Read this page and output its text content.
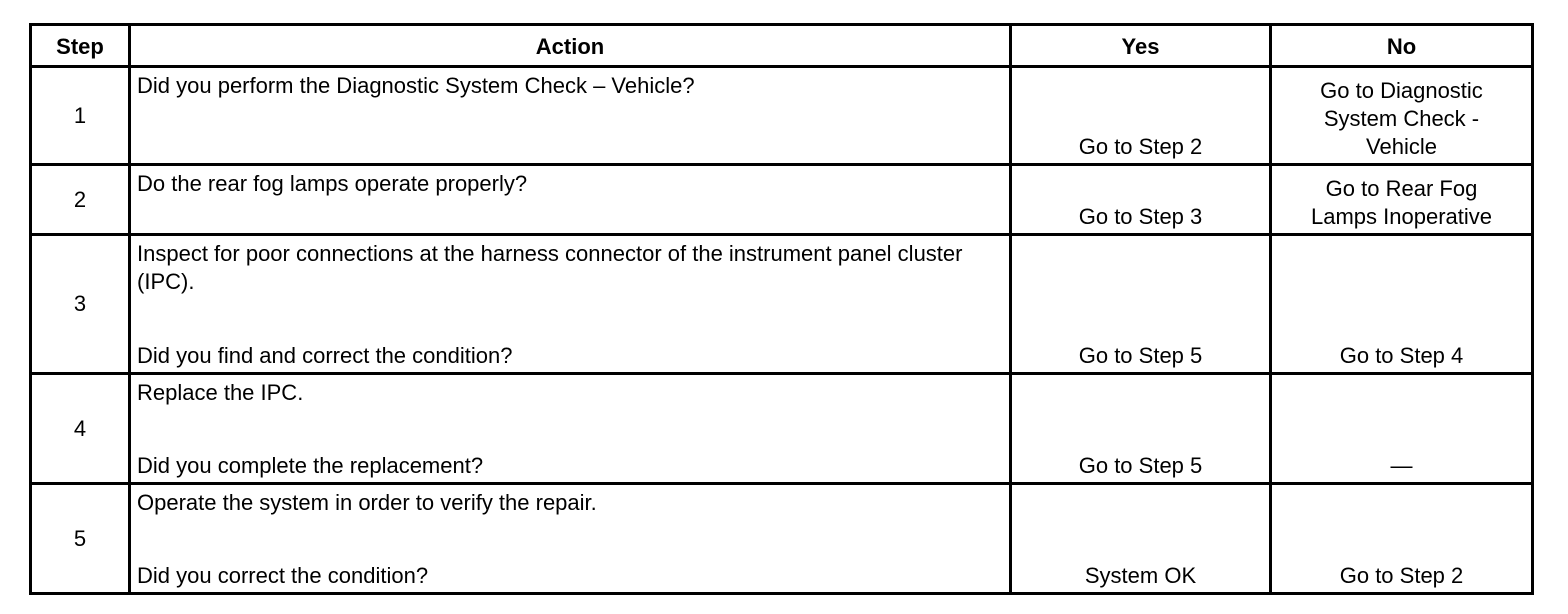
Step	Action	Yes	No
1	Did you perform the Diagnostic System Check – Vehicle?	Go to Step 2	Go to Diagnostic
System Check -
Vehicle
2	Do the rear fog lamps operate properly?	Go to Step 3	Go to Rear Fog
Lamps Inoperative
3	Inspect for poor connections at the harness connector of the instrument panel cluster (IPC).
Did you find and correct the condition?	Go to Step 5	Go to Step 4
4	Replace the IPC.
Did you complete the replacement?	Go to Step 5	—
5	Operate the system in order to verify the repair.
Did you correct the condition?	System OK	Go to Step 2
